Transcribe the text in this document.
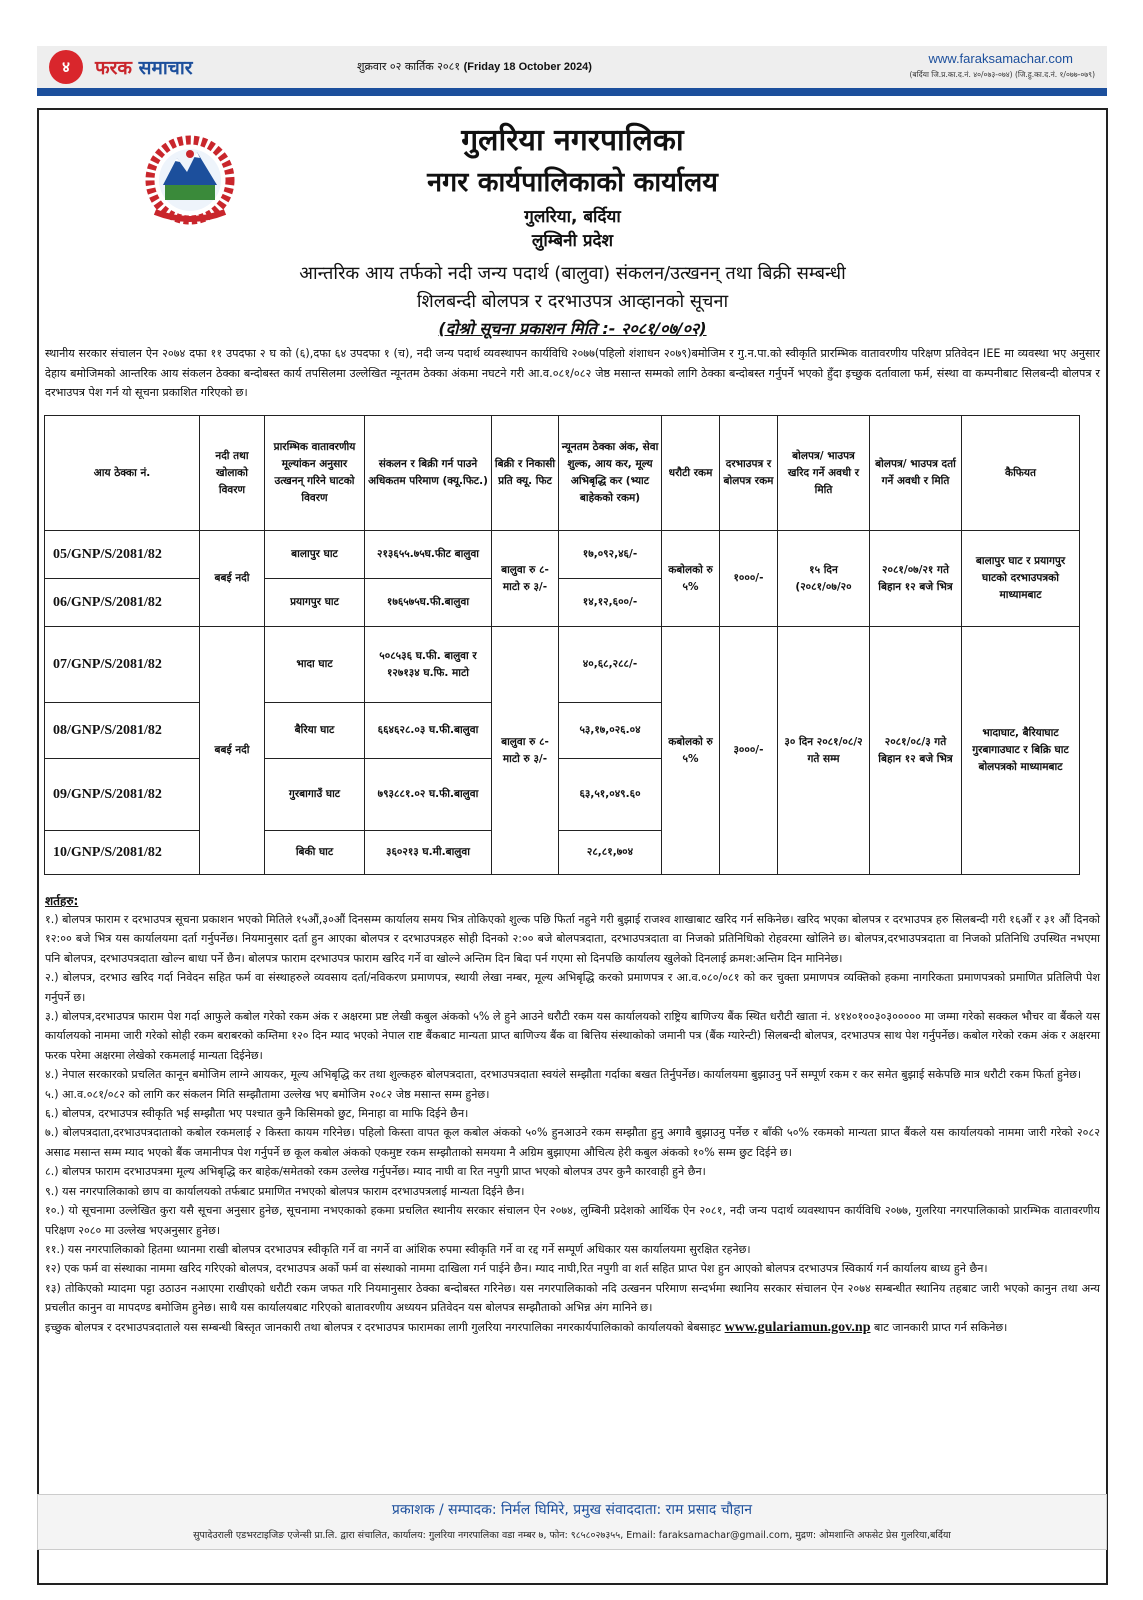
४	फरक समाचार	शुक्रवार ०२ कार्तिक २०८१ (Friday 18 October 2024)
www.faraksamachar.com
(बर्दिया जि.प्र.का.द.नं. ४०/०७३-०७४) (जि.हु.का.द.नं. १/०७७-०७९)
गुलरिया नगरपालिका
नगर कार्यपालिकाको कार्यालय
गुलरिया, बर्दिया
लुम्बिनी प्रदेश
आन्तरिक आय तर्फको नदी जन्य पदार्थ (बालुवा) संकलन/उत्खनन् तथा बिक्री सम्बन्धी
शिलबन्दी बोलपत्र र दरभाउपत्र आव्हानको सूचना
(दोश्रो सूचना प्रकाशन मिति :- २०८१/०७/०२)
स्थानीय सरकार संचालन ऐन २०७४ दफा ११ उपदफा २ घ को (६),दफा ६४ उपदफा १ (च), नदी जन्य पदार्थ व्यवस्थापन कार्यविधि २०७७(पहिलो शंशाधन २०७९)बमोजिम र गु.न.पा.को स्वीकृति प्रारम्भिक वातावरणीय परिक्षण प्रतिवेदन IEE मा व्यवस्था भए अनुसार देहाय बमोजिमको आन्तरिक आय संकलन ठेक्का बन्दोबस्त कार्य तपसिलमा उल्लेखित न्यूनतम ठेक्का अंकमा नघटने गरी आ.व.०८१/०८२ जेष्ठ मसान्त सम्मको लागि ठेक्का बन्दोबस्त गर्नुपर्ने भएको हुँदा इच्छुक दर्तावाला फर्म, संस्था वा कम्पनीबाट सिलबन्दी बोलपत्र र दरभाउपत्र पेश गर्न यो सूचना प्रकाशित गरिएको छ।
आय ठेक्का नं.	नदी तथा खोलाको विवरण	प्रारम्भिक वातावरणीय मूल्यांकन अनुसार उत्खनन् गरिने घाटको विवरण	संकलन र बिक्री गर्न पाउने अधिकतम परिमाण (क्यू.फिट.)	बिक्री र निकासी प्रति क्यू. फिट	न्यूनतम ठेक्का अंक, सेवा शुल्क, आय कर, मूल्य अभिबृद्धि कर (भ्याट बाहेकको रकम)	धरौटी रकम	दरभाउपत्र र बोलपत्र रकम	बोलपत्र/ भाउपत्र खरिद गर्ने अवधी र मिति	बोलपत्र/ भाउपत्र दर्ता गर्ने अवधी र मिति	कैफियत
05/GNP/S/2081/82	बबई नदी	बालापुर घाट	२१३६५५.७५घ.फीट बालुवा	बालुवा रु ८- माटो रु ३/-	१७,०९२,४६/-	कबोलको रु ५%	१०००/-	१५ दिन (२०८१/०७/२०	२०८१/०७/२१ गते बिहान १२ बजे भित्र	बालापुर घाट र प्रयागपुर घाटको दरभाउपत्रको माध्यामबाट
06/GNP/S/2081/82		प्रयागपुर घाट	१७६५७५घ.फी.बालुवा		१४,१२,६००/-					
07/GNP/S/2081/82	बबई नदी	भादा घाट	५०८५३६ घ.फी. बालुवा र १२७१३४ घ.फि. माटो	बालुवा रु ८- माटो रु ३/-	४०,६८,२८८/-	कबोलको रु ५%	३०००/-	३० दिन २०८१/०८/२ गते सम्म	२०८१/०८/३ गते बिहान १२ बजे भित्र	भादाघाट, बैरियाघाट गुरबागाउघाट र बिक्रि घाट बोलपत्रको माध्यामबाट
08/GNP/S/2081/82		बैरिया घाट	६६४६२८.०३ घ.फी.बालुवा		५३,१७,०२६.०४					
09/GNP/S/2081/82		गुरबागाउँ घाट	७९३८८१.०२ घ.फी.बालुवा		६३,५१,०४९.६०					
10/GNP/S/2081/82		बिकी घाट	३६०२१३ घ.मी.बालुवा		२८,८१,७०४					
शर्तहरु:
१.) बोलपत्र फाराम र दरभाउपत्र सूचना प्रकाशन भएको मितिले १५औं,३०औं दिनसम्म कार्यालय समय भित्र तोकिएको शुल्क पछि फिर्ता नहुने गरी बुझाई राजश्व शाखाबाट खरिद गर्न सकिनेछ। खरिद भएका बोलपत्र र दरभाउपत्र हरु सिलबन्दी गरी १६औं र ३१ औं दिनको १२:०० बजे भित्र यस कार्यालयमा दर्ता गर्नुपर्नेछ। नियमानुसार दर्ता हुन आएका बोलपत्र र दरभाउपत्रहरु सोही दिनको २:०० बजे बोलपत्रदाता, दरभाउपत्रदाता वा निजको प्रतिनिधिको रोहवरमा खोलिने छ। बोलपत्र,दरभाउपत्रदाता वा निजको प्रतिनिधि उपस्थित नभएमा पनि बोलपत्र, दरभाउपत्रदाता खोल्न बाधा पर्ने छैन। बोलपत्र फाराम दरभाउपत्र फाराम खरिद गर्ने वा खोल्ने अन्तिम दिन बिदा पर्न गएमा सो दिनपछि कार्यालय खुलेको दिनलाई क्रमश:अन्तिम दिन मानिनेछ।
२.) बोलपत्र, दरभाउ खरिद गर्दा निवेदन सहित फर्म वा संस्थाहरुले व्यवसाय दर्ता/नविकरण प्रमाणपत्र, स्थायी लेखा नम्बर, मूल्य अभिबृद्धि करको प्रमाणपत्र र आ.व.०८०/०८१ को कर चुक्ता प्रमाणपत्र व्यक्तिको हकमा नागरिकता प्रमाणपत्रको प्रमाणित प्रतिलिपी पेश गर्नुपर्ने छ।
३.) बोलपत्र,दरभाउपत्र फाराम पेश गर्दा आफुले कबोल गरेको रकम अंक र अक्षरमा प्रष्ट लेखी कबुल अंकको ५% ले हुने आउने धरौटी रकम यस कार्यालयको राष्ट्रिय बाणिज्य बैंक स्थित धरौटी खाता नं. ४१४०१००३०३००००० मा जम्मा गरेको सक्कल भौचर वा बैंकले यस कार्यालयको नाममा जारी गरेको सोही रकम बराबरको कम्तिमा १२० दिन म्याद भएको नेपाल राष्ट बैंकबाट मान्यता प्राप्त बाणिज्य बैंक वा बित्तिय संस्थाकोको जमानी पत्र (बैंक ग्यारेन्टी) सिलबन्दी बोलपत्र, दरभाउपत्र साथ पेश गर्नुपर्नेछ। कबोल गरेको रकम अंक र अक्षरमा फरक परेमा अक्षरमा लेखेको रकमलाई मान्यता दिईनेछ।
४.) नेपाल सरकारको प्रचलित कानून बमोजिम लाग्ने आयकर, मूल्य अभिबृद्धि कर तथा शुल्कहरु बोलपत्रदाता, दरभाउपत्रदाता स्वयंले सम्झौता गर्दाका बखत तिर्नुपर्नेछ। कार्यालयमा बुझाउनु पर्ने सम्पूर्ण रकम र कर समेत बुझाई सकेपछि मात्र धरौटी रकम फिर्ता हुनेछ।
५.) आ.व.०८१/०८२ को लागि कर संकलन मिति सम्झौतामा उल्लेख भए बमोजिम २०८२ जेष्ठ मसान्त सम्म हुनेछ।
६.) बोलपत्र, दरभाउपत्र स्वीकृति भई सम्झौता भए पश्चात कुनै किसिमको छुट, मिनाहा वा माफि दिईने छैन।
७.) बोलपत्रदाता,दरभाउपत्रदाताको कबोल रकमलाई २ किस्ता कायम गरिनेछ। पहिलो किस्ता वापत कूल कबोल अंकको ५०% हुनआउने रकम सम्झौता हुनु अगावै बुझाउनु पर्नेछ र बाँकी ५०% रकमको मान्यता प्राप्त बैंकले यस कार्यालयको नाममा जारी गरेको २०८२ असाढ मसान्त सम्म म्याद भएको बैंक जमानीपत्र पेश गर्नुपर्ने छ कूल कबोल अंकको एकमुष्ट रकम सम्झौताको समयमा नै अग्रिम बुझाएमा औचित्य हेरी कबुल अंकको १०% सम्म छुट दिईने छ।
८.) बोलपत्र फाराम दरभाउपत्रमा मूल्य अभिबृद्धि कर बाहेक/समेतको रकम उल्लेख गर्नुपर्नेछ। म्याद नाघी वा रित नपुगी प्राप्त भएको बोलपत्र उपर कुनै कारवाही हुने छैन।
९.) यस नगरपालिकाको छाप वा कार्यालयको तर्फबाट प्रमाणित नभएको बोलपत्र फाराम दरभाउपत्रलाई मान्यता दिईने छैन।
१०.) यो सूचनामा उल्लेखित कुरा यसै सूचना अनुसार हुनेछ, सूचनामा नभएकाको हकमा प्रचलित स्थानीय सरकार संचालन ऐन २०७४, लुम्बिनी प्रदेशको आर्थिक ऐन २०८१, नदी जन्य पदार्थ व्यवस्थापन कार्यविधि २०७७, गुलरिया नगरपालिकाको प्रारम्भिक वातावरणीय परिक्षण २०८० मा उल्लेख भएअनुसार हुनेछ।
११.) यस नगरपालिकाको हितमा ध्यानमा राखी बोलपत्र दरभाउपत्र स्वीकृति गर्ने वा नगर्ने वा आंशिक रुपमा स्वीकृति गर्ने वा रद्द गर्ने सम्पूर्ण अधिकार यस कार्यालयमा सुरक्षित रहनेछ।
१२) एक फर्म वा संस्थाका नाममा खरिद गरिएको बोलपत्र, दरभाउपत्र अर्को फर्म वा संस्थाको नाममा दाखिला गर्न पाईने छैन। म्याद नाघी,रित नपुगी वा शर्त सहित प्राप्त पेश हुन आएको बोलपत्र दरभाउपत्र स्विकार्य गर्न कार्यालय बाध्य हुने छैन।
१३) तोकिएको म्यादमा पट्टा उठाउन नआएमा राखीएको धरौटी रकम जफत गरि नियमानुसार ठेक्का बन्दोबस्त गरिनेछ। यस नगरपालिकाको नदि उत्खनन परिमाण सन्दर्भमा स्थानिय सरकार संचालन ऐन २०७४ सम्बन्धीत स्थानिय तहबाट जारी भएको कानुन तथा अन्य प्रचलीत कानुन वा मापदण्ड बमोजिम हुनेछ। साथै यस कार्यालयबाट गरिएको बातावरणीय अध्ययन प्रतिवेदन यस बोलपत्र सम्झौताको अभिन्न अंग मानिने छ।
इच्छुक बोलपत्र र दरभाउपत्रदाताले यस सम्बन्धी बिस्तृत जानकारी तथा बोलपत्र र दरभाउपत्र फारामका लागी गुलरिया नगरपालिका नगरकार्यपालिकाको कार्यालयको बेबसाइट www.gulariamun.gov.np बाट जानकारी प्राप्त गर्न सकिनेछ।
प्रकाशक / सम्पादक: निर्मल घिमिरे, प्रमुख संवाददाता: राम प्रसाद चौहान
सुपादेउराली एडभरटाइजिङ एजेन्सी प्रा.लि. द्वारा संचालित, कार्यालय: गुलरिया नगरपालिका वडा नम्बर ७, फोन: ९८५८०२७३५५, Email: faraksamachar@gmail.com, मुद्रण: ओमशान्ति अफसेट प्रेस गुलरिया,बर्दिया
